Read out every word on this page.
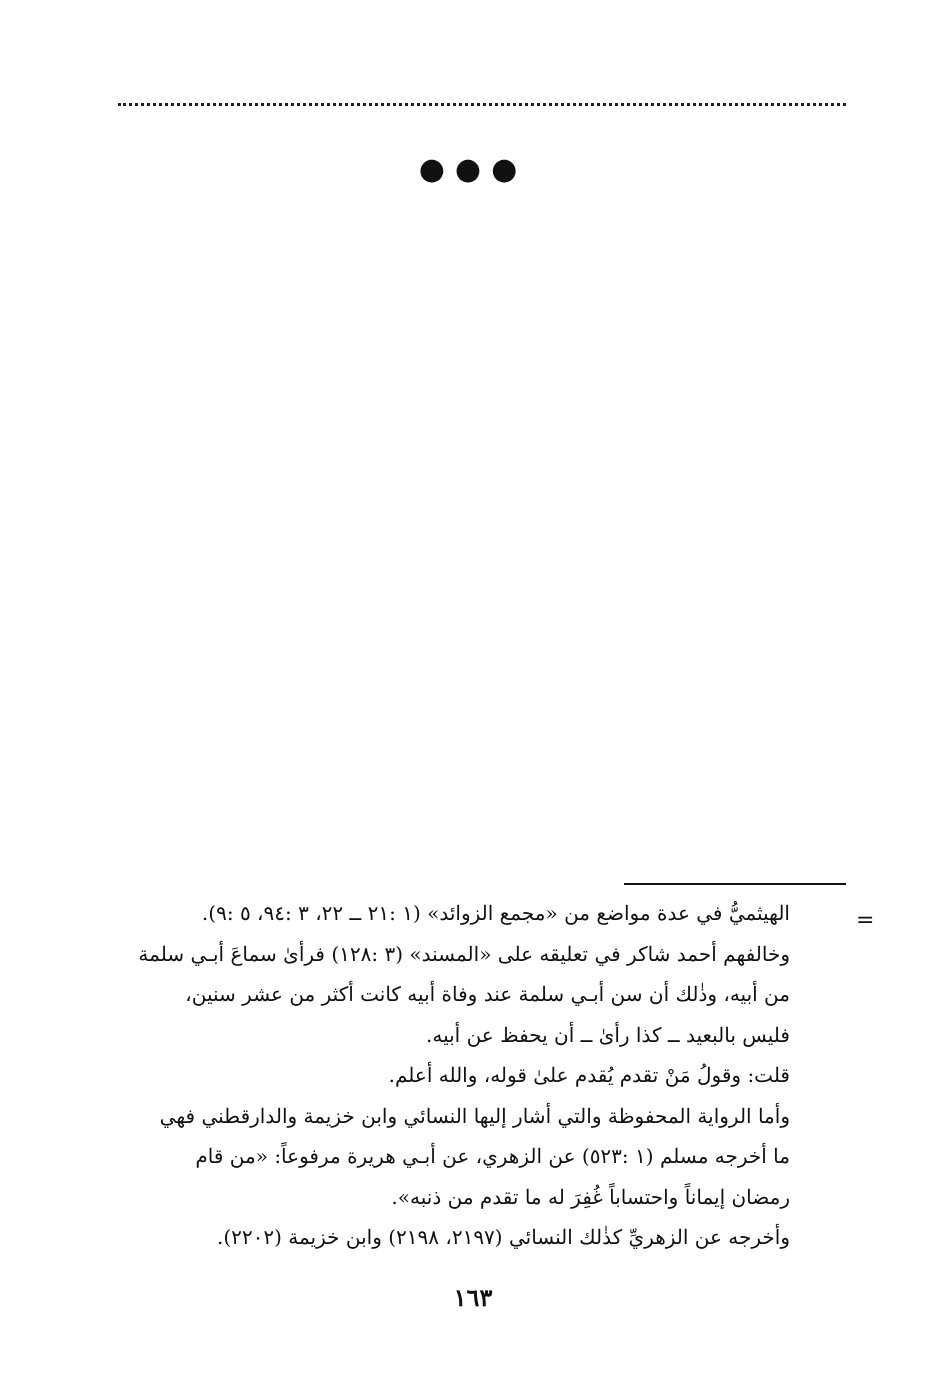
●●●
=
الهيثميُّ في عدة مواضع من «مجمع الزوائد» (١ :٢١ ــ ٢٢، ٣ :٩٤، ٥ :٩).
وخالفهم أحمد شاكر في تعليقه على «المسند» (٣ :١٢٨) فرأىٰ سماعَ أبـي سلمة
من أبيه، وذٰلك أن سن أبـي سلمة عند وفاة أبيه كانت أكثر من عشر سنين،
فليس بالبعيد ــ كذا رأىٰ ــ أن يحفظ عن أبيه.
قلت: وقولُ مَنْ تقدم يُقدم علىٰ قوله، والله أعلم.
وأما الرواية المحفوظة والتي أشار إليها النسائي وابن خزيمة والدارقطني فهي
ما أخرجه مسلم (١ :٥٢٣) عن الزهري، عن أبـي هريرة مرفوعاً: «من قام
رمضان إيماناً واحتساباً غُفِرَ له ما تقدم من ذنبه».
وأخرجه عن الزهريِّ كذٰلك النسائي (٢١٩٧، ٢١٩٨) وابن خزيمة (٢٢٠٢).
١٦٣
